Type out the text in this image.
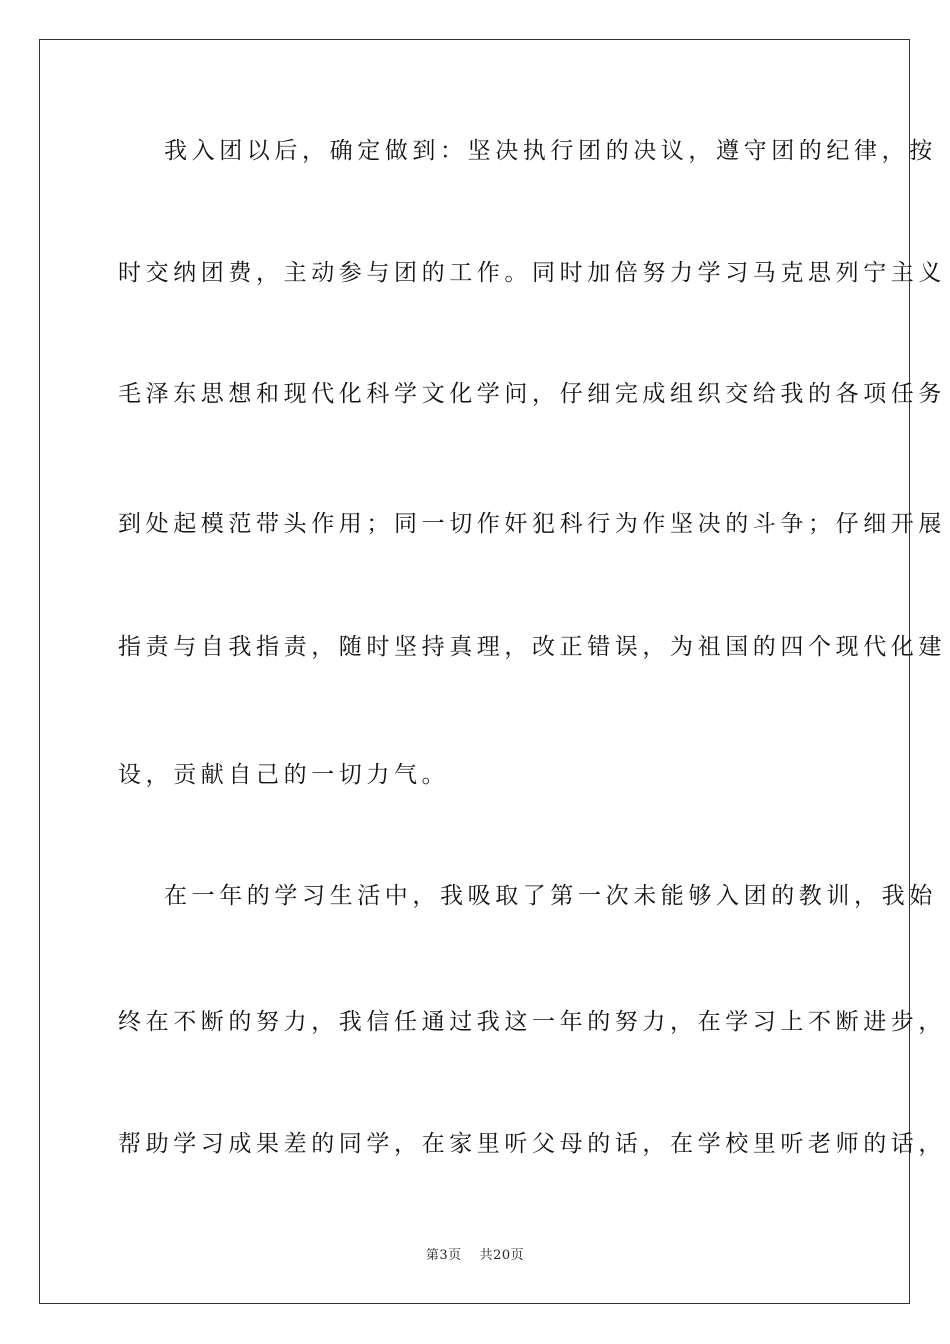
我入团以后，确定做到：坚决执行团的决议，遵守团的纪律，按
时交纳团费，主动参与团的工作。同时加倍努力学习马克思列宁主义
毛泽东思想和现代化科学文化学问，仔细完成组织交给我的各项任务
到处起模范带头作用；同一切作奸犯科行为作坚决的斗争；仔细开展
指责与自我指责，随时坚持真理，改正错误，为祖国的四个现代化建
设，贡献自己的一切力气。
在一年的学习生活中，我吸取了第一次未能够入团的教训，我始
终在不断的努力，我信任通过我这一年的努力，在学习上不断进步，
帮助学习成果差的同学，在家里听父母的话，在学校里听老师的话，
第3页 共20页
